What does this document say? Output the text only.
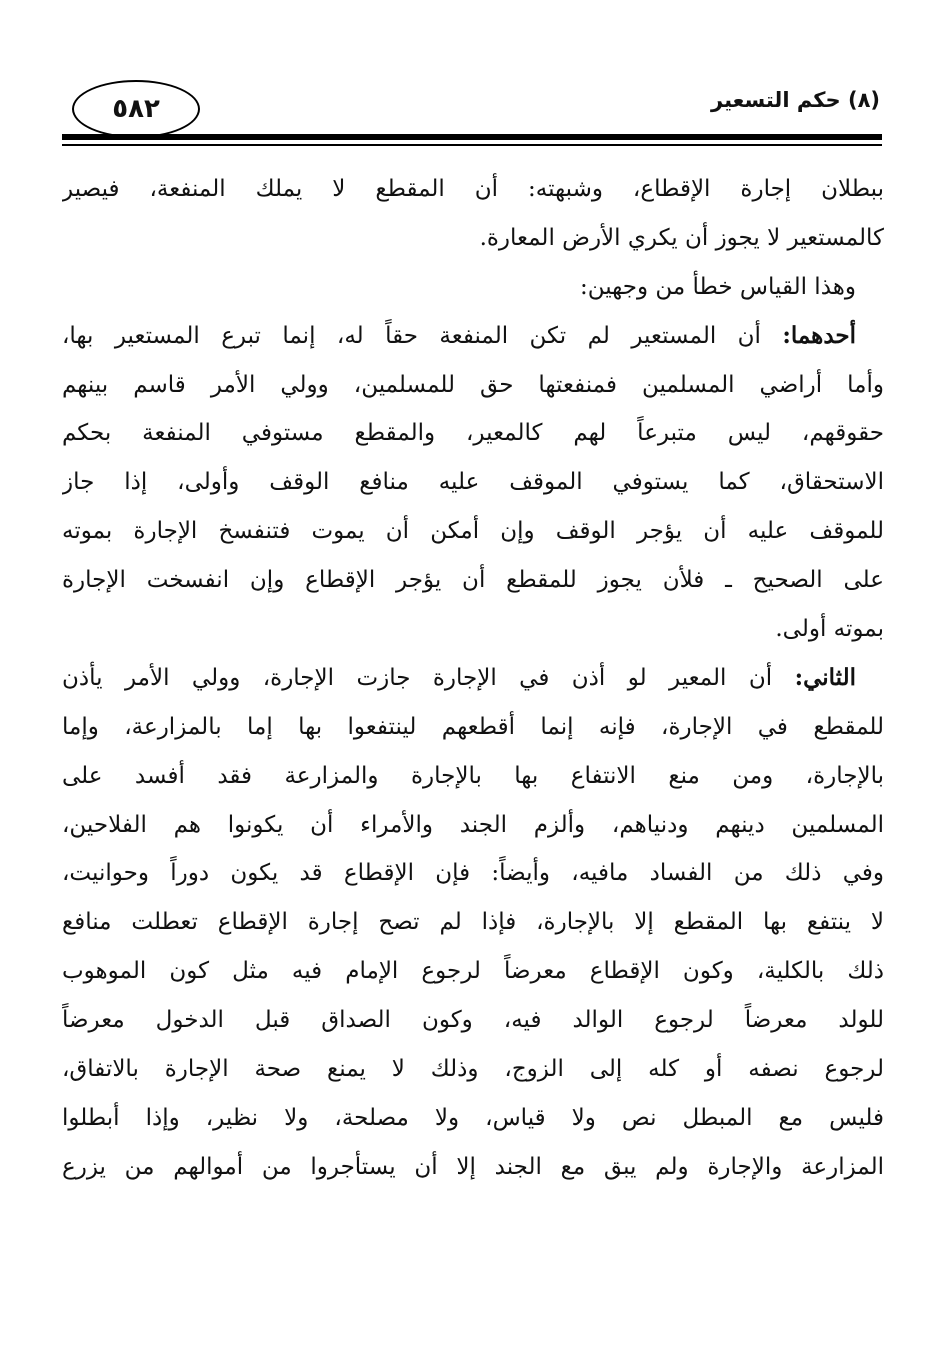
٥٨٢	(٨) حكم التسعير
ببطلان إجارة الإقطاع، وشبهته: أن المقطع لا يملك المنفعة، فيصير
كالمستعير لا يجوز أن يكري الأرض المعارة.
وهذا القياس خطأ من وجهين:
أحدهما: أن المستعير لم تكن المنفعة حقاً له، إنما تبرع المستعير بها،
وأما أراضي المسلمين فمنفعتها حق للمسلمين، وولي الأمر قاسم بينهم
حقوقهم، ليس متبرعاً لهم كالمعير، والمقطع مستوفي المنفعة بحكم
الاستحقاق، كما يستوفي الموقف عليه منافع الوقف وأولى، إذا جاز
للموقف عليه أن يؤجر الوقف وإن أمكن أن يموت فتنفسخ الإجارة بموته
على الصحيح ـ فلأن يجوز للمقطع أن يؤجر الإقطاع وإن انفسخت الإجارة
بموته أولى.
الثاني: أن المعير لو أذن في الإجارة جازت الإجارة، وولي الأمر يأذن
للمقطع في الإجارة، فإنه إنما أقطعهم لينتفعوا بها إما بالمزارعة، وإما
بالإجارة، ومن منع الانتفاع بها بالإجارة والمزارعة فقد أفسد على
المسلمين دينهم ودنياهم، وألزم الجند والأمراء أن يكونوا هم الفلاحين،
وفي ذلك من الفساد مافيه، وأيضاً: فإن الإقطاع قد يكون دوراً وحوانيت،
لا ينتفع بها المقطع إلا بالإجارة، فإذا لم تصح إجارة الإقطاع تعطلت منافع
ذلك بالكلية، وكون الإقطاع معرضاً لرجوع الإمام فيه مثل كون الموهوب
للولد معرضاً لرجوع الوالد فيه، وكون الصداق قبل الدخول معرضاً
لرجوع نصفه أو كله إلى الزوج، وذلك لا يمنع صحة الإجارة بالاتفاق،
فليس مع المبطل نص ولا قياس، ولا مصلحة، ولا نظير، وإذا أبطلوا
المزارعة والإجارة ولم يبق مع الجند إلا أن يستأجروا من أموالهم من يزرع
